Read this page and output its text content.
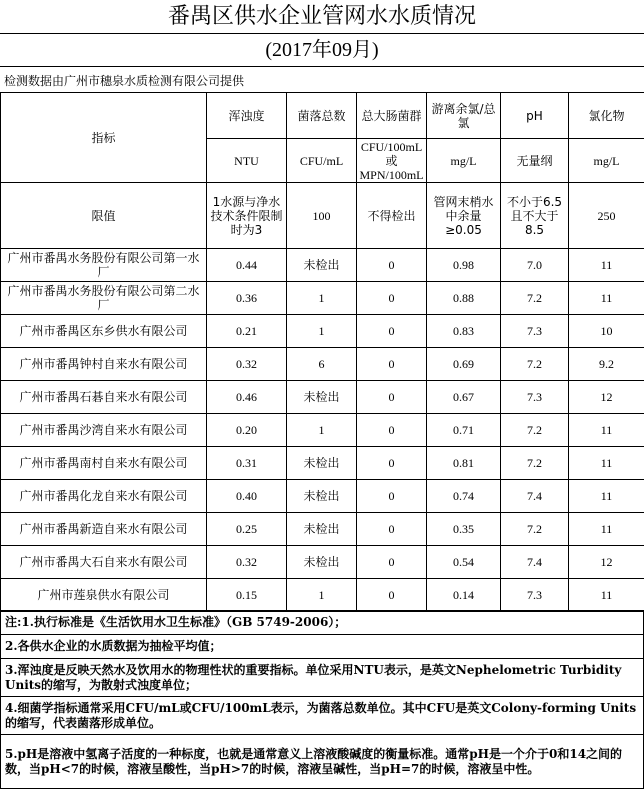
番禺区供水企业管网水水质情况
(2017年09月)
检测数据由广州市穗泉水质检测有限公司提供
指标	浑浊度	菌落总数	总大肠菌群	游离余氯/总氯	pH	氯化物
	NTU	CFU/mL	CFU/100mL或MPN/100mL	mg/L	无量纲	mg/L
限值	1水源与净水技术条件限制时为3	100	不得检出	管网末梢水中余量≥0.05	不小于6.5且不大于8.5	250
广州市番禺水务股份有限公司第一水厂	0.44	未检出	0	0.98	7.0	11
广州市番禺水务股份有限公司第二水厂	0.36	1	0	0.88	7.2	11
广州市番禺区东乡供水有限公司	0.21	1	0	0.83	7.3	10
广州市番禺钟村自来水有限公司	0.32	6	0	0.69	7.2	9.2
广州市番禺石碁自来水有限公司	0.46	未检出	0	0.67	7.3	12
广州市番禺沙湾自来水有限公司	0.20	1	0	0.71	7.2	11
广州市番禺南村自来水有限公司	0.31	未检出	0	0.81	7.2	11
广州市番禺化龙自来水有限公司	0.40	未检出	0	0.74	7.4	11
广州市番禺新造自来水有限公司	0.25	未检出	0	0.35	7.2	11
广州市番禺大石自来水有限公司	0.32	未检出	0	0.54	7.4	12
广州市莲泉供水有限公司	0.15	1	0	0.14	7.3	11
注:1.执行标准是《生活饮用水卫生标准》（GB 5749-2006）；
2.各供水企业的水质数据为抽检平均值；
3.浑浊度是反映天然水及饮用水的物理性状的重要指标。单位采用NTU表示，是英文Nephelometric Turbidity Units的缩写，为散射式浊度单位；
4.细菌学指标通常采用CFU/mL或CFU/100mL表示，为菌落总数单位。其中CFU是英文Colony-forming Units的缩写，代表菌落形成单位。
5.pH是溶液中氢离子活度的一种标度，也就是通常意义上溶液酸碱度的衡量标准。通常pH是一个介于0和14之间的数，当pH<7的时候，溶液呈酸性，当pH>7的时候，溶液呈碱性，当pH=7的时候，溶液呈中性。
